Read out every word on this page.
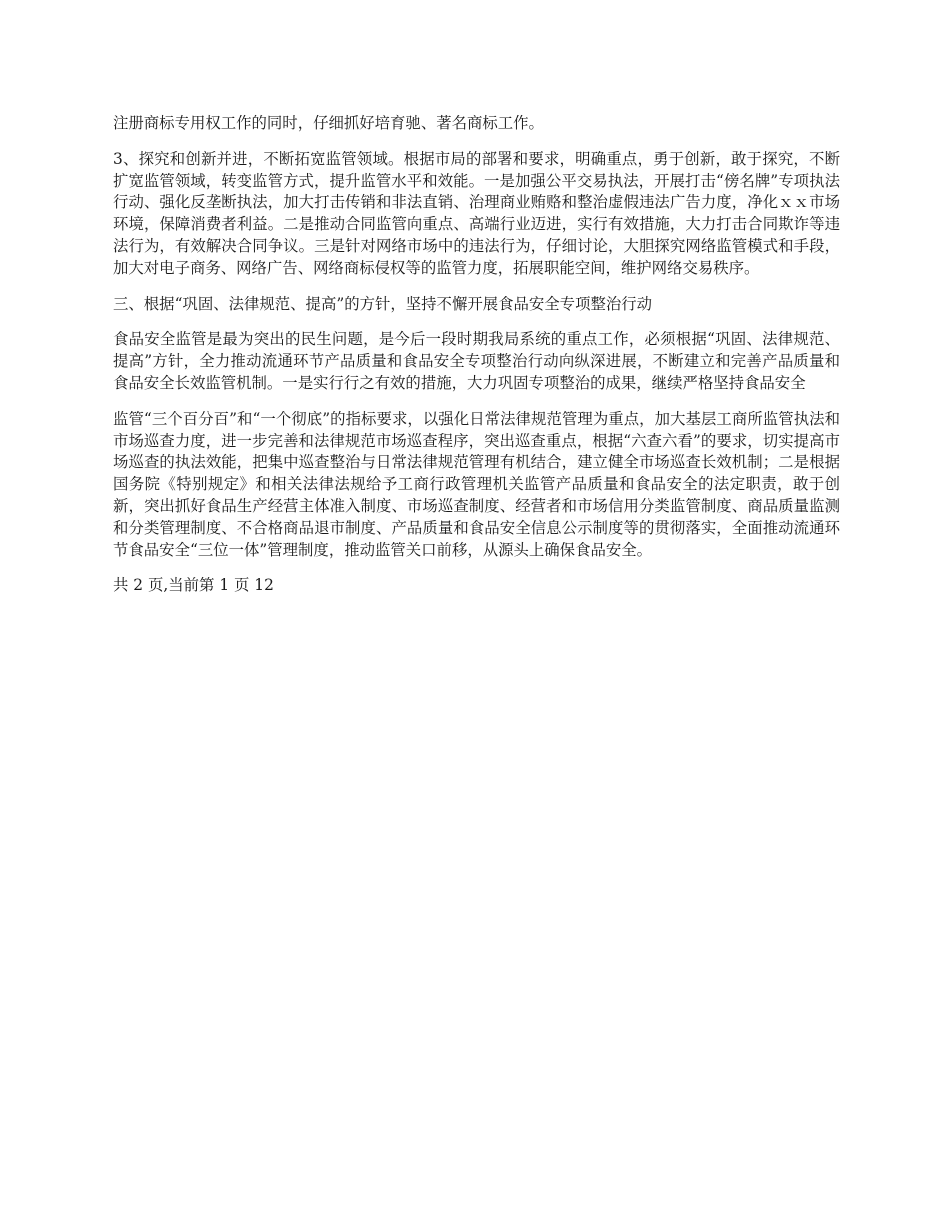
注册商标专用权工作的同时，仔细抓好培育驰、著名商标工作。

3、探究和创新并进，不断拓宽监管领域。根据市局的部署和要求，明确重点，勇于创新，敢于探究，不断扩宽监管领域，转变监管方式，提升监管水平和效能。一是加强公平交易执法，开展打击“傍名牌”专项执法行动、强化反垄断执法，加大打击传销和非法直销、治理商业贿赂和整治虚假违法广告力度，净化ｘｘ市场环境，保障消费者利益。二是推动合同监管向重点、高端行业迈进，实行有效措施，大力打击合同欺诈等违法行为，有效解决合同争议。三是针对网络市场中的违法行为，仔细讨论，大胆探究网络监管模式和手段，加大对电子商务、网络广告、网络商标侵权等的监管力度，拓展职能空间，维护网络交易秩序。

三、根据“巩固、法律规范、提高”的方针，坚持不懈开展食品安全专项整治行动

食品安全监管是最为突出的民生问题，是今后一段时期我局系统的重点工作，必须根据“巩固、法律规范、提高”方针，全力推动流通环节产品质量和食品安全专项整治行动向纵深进展，不断建立和完善产品质量和食品安全长效监管机制。一是实行行之有效的措施，大力巩固专项整治的成果，继续严格坚持食品安全

监管“三个百分百”和“一个彻底”的指标要求，以强化日常法律规范管理为重点，加大基层工商所监管执法和市场巡查力度，进一步完善和法律规范市场巡查程序，突出巡查重点，根据“六查六看”的要求，切实提高市场巡查的执法效能，把集中巡查整治与日常法律规范管理有机结合，建立健全市场巡查长效机制；二是根据国务院《特别规定》和相关法律法规给予工商行政管理机关监管产品质量和食品安全的法定职责，敢于创新，突出抓好食品生产经营主体准入制度、市场巡查制度、经营者和市场信用分类监管制度、商品质量监测和分类管理制度、不合格商品退市制度、产品质量和食品安全信息公示制度等的贯彻落实，全面推动流通环节食品安全“三位一体”管理制度，推动监管关口前移，从源头上确保食品安全。

共 2 页,当前第 1 页 12
